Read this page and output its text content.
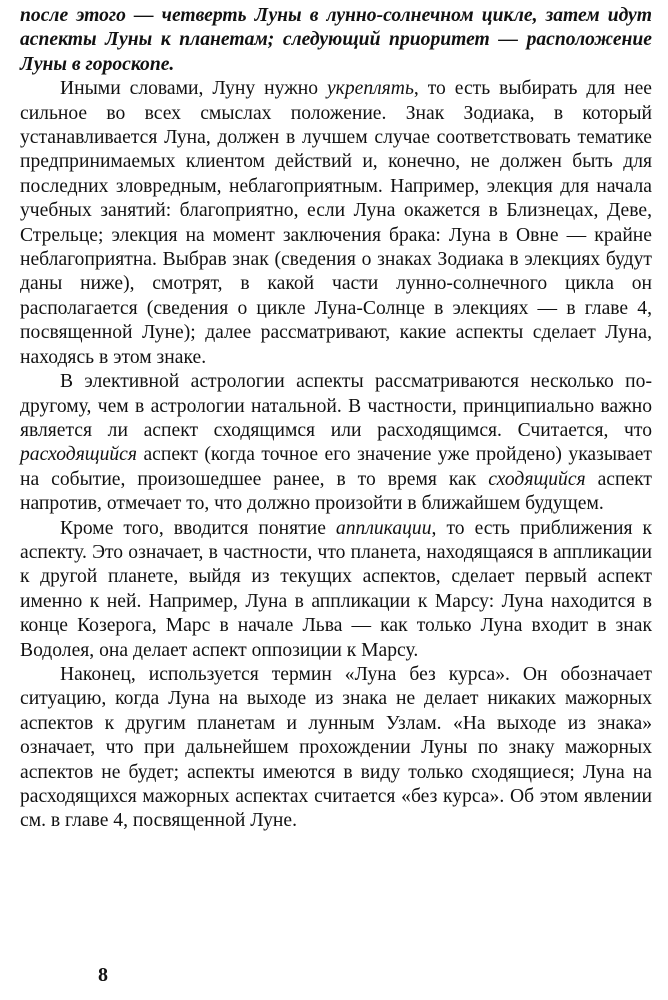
после этого — четверть Луны в лунно-солнечном цикле, затем идут аспекты Луны к планетам; следующий приоритет — расположение Луны в гороскопе.

Иными словами, Луну нужно укреплять, то есть выбирать для нее сильное во всех смыслах положение. Знак Зодиака, в который устанавливается Луна, должен в лучшем случае соответствовать тематике предпринимаемых клиентом действий и, конечно, не должен быть для последних зловредным, неблагоприятным. Например, элекция для начала учебных занятий: благоприятно, если Луна окажется в Близнецах, Деве, Стрельце; элекция на момент заключения брака: Луна в Овне — крайне неблагоприятна. Выбрав знак (сведения о знаках Зодиака в элекциях будут даны ниже), смотрят, в какой части лунно-солнечного цикла он располагается (сведения о цикле Луна-Солнце в элекциях — в главе 4, посвященной Луне); далее рассматривают, какие аспекты сделает Луна, находясь в этом знаке.

В элективной астрологии аспекты рассматриваются несколько по-другому, чем в астрологии натальной. В частности, принципиально важно является ли аспект сходящимся или расходящимся. Считается, что расходящийся аспект (когда точное его значение уже пройдено) указывает на событие, произошедшее ранее, в то время как сходящийся аспект напротив, отмечает то, что должно произойти в ближайшем будущем.

Кроме того, вводится понятие аппликации, то есть приближения к аспекту. Это означает, в частности, что планета, находящаяся в аппликации к другой планете, выйдя из текущих аспектов, сделает первый аспект именно к ней. Например, Луна в аппликации к Марсу: Луна находится в конце Козерога, Марс в начале Льва — как только Луна входит в знак Водолея, она делает аспект оппозиции к Марсу.

Наконец, используется термин «Луна без курса». Он обозначает ситуацию, когда Луна на выходе из знака не делает никаких мажорных аспектов к другим планетам и лунным Узлам. «На выходе из знака» означает, что при дальнейшем прохождении Луны по знаку мажорных аспектов не будет; аспекты имеются в виду только сходящиеся; Луна на расходящихся мажорных аспектах считается «без курса». Об этом явлении см. в главе 4, посвященной Луне.

8
